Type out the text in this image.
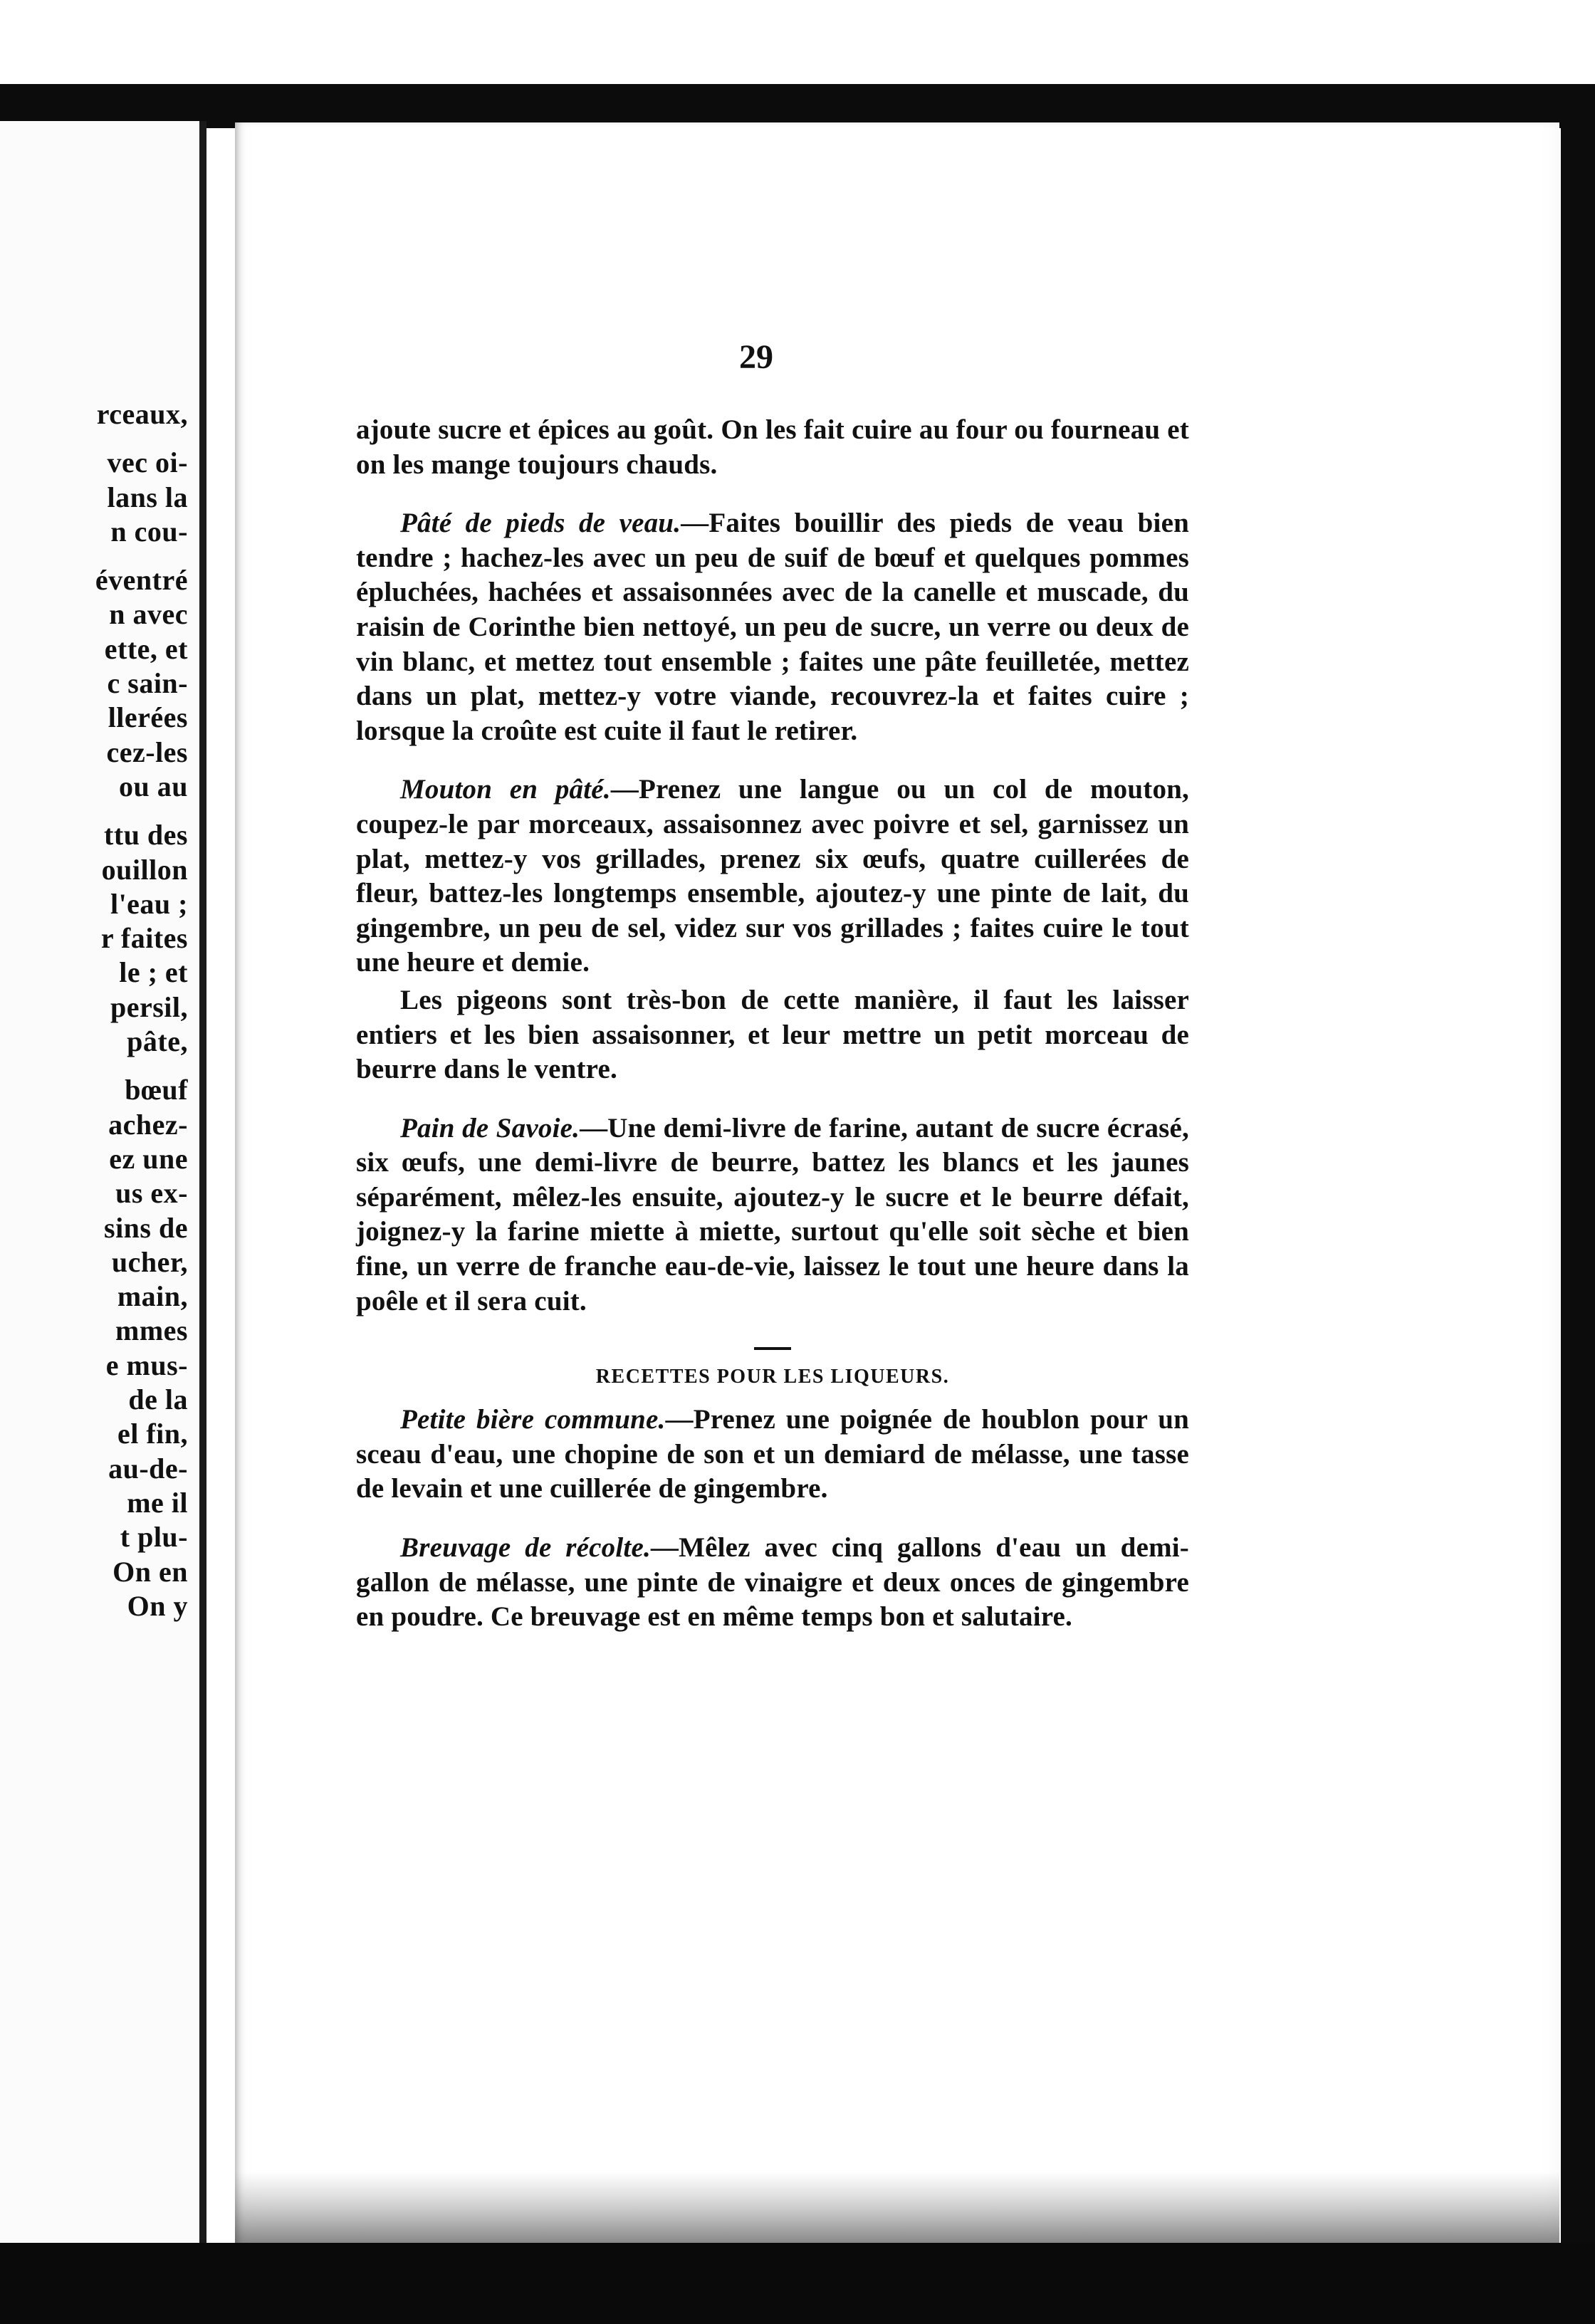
rceaux,
vec oi-
lans la
n cou-
éventré
n avec
ette, et
c sain-
llerées
cez-les
ou au
ttu des
ouillon
l'eau ;
r faites
le ; et
persil,
pâte,
bœuf
achez-
ez une
us ex-
sins de
ucher,
main,
mmes
e mus-
de la
el fin,
au-de-
me il
t plu-
On en
On y
29

ajoute sucre et épices au goût. On les fait cuire au four ou fourneau et on les mange toujours chauds.

Pâté de pieds de veau.—Faites bouillir des pieds de veau bien tendre ; hachez-les avec un peu de suif de bœuf et quelques pommes épluchées, hachées et assaisonnées avec de la canelle et muscade, du raisin de Corinthe bien nettoyé, un peu de sucre, un verre ou deux de vin blanc, et mettez tout ensemble ; faites une pâte feuilletée, mettez dans un plat, mettez-y votre viande, recouvrez-la et faites cuire ; lorsque la croûte est cuite il faut le retirer.

Mouton en pâté.—Prenez une langue ou un col de mouton, coupez-le par morceaux, assaisonnez avec poivre et sel, garnissez un plat, mettez-y vos grillades, prenez six œufs, quatre cuillerées de fleur, battez-les longtemps ensemble, ajoutez-y une pinte de lait, du gingembre, un peu de sel, videz sur vos grillades ; faites cuire le tout une heure et demie.

Les pigeons sont très-bon de cette manière, il faut les laisser entiers et les bien assaisonner, et leur mettre un petit morceau de beurre dans le ventre.

Pain de Savoie.—Une demi-livre de farine, autant de sucre écrasé, six œufs, une demi-livre de beurre, battez les blancs et les jaunes séparément, mêlez-les ensuite, ajoutez-y le sucre et le beurre défait, joignez-y la farine miette à miette, surtout qu'elle soit sèche et bien fine, un verre de franche eau-de-vie, laissez le tout une heure dans la poêle et il sera cuit.

RECETTES POUR LES LIQUEURS.

Petite bière commune.—Prenez une poignée de houblon pour un sceau d'eau, une chopine de son et un demiard de mélasse, une tasse de levain et une cuillerée de gingembre.

Breuvage de récolte.—Mêlez avec cinq gallons d'eau un demi-gallon de mélasse, une pinte de vinaigre et deux onces de gingembre en poudre. Ce breuvage est en même temps bon et salutaire.
